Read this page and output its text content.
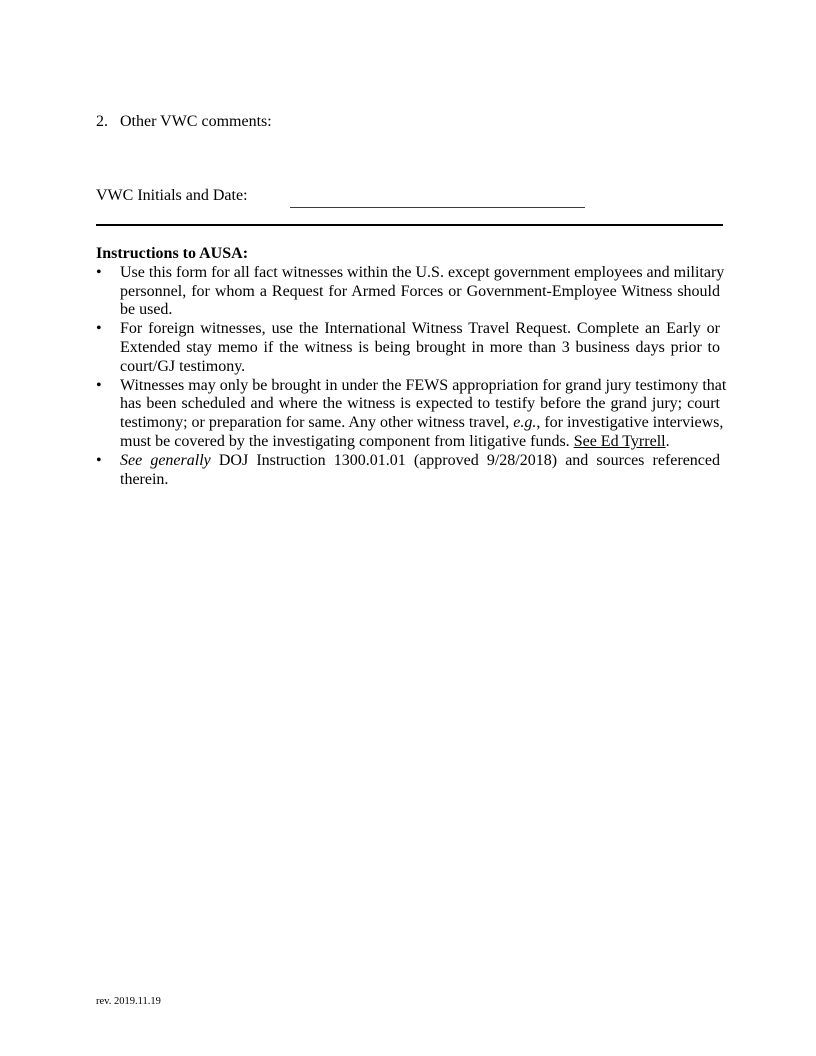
2. Other VWC comments:
VWC Initials and Date:
Instructions to AUSA:
• Use this form for all fact witnesses within the U.S. except government employees and military
personnel, for whom a Request for Armed Forces or Government-Employee Witness should
be used.
• For foreign witnesses, use the International Witness Travel Request. Complete an Early or
Extended stay memo if the witness is being brought in more than 3 business days prior to
court/GJ testimony.
• Witnesses may only be brought in under the FEWS appropriation for grand jury testimony that
has been scheduled and where the witness is expected to testify before the grand jury; court
testimony; or preparation for same. Any other witness travel, e.g., for investigative interviews,
must be covered by the investigating component from litigative funds. See Ed Tyrrell.
• See generally DOJ Instruction 1300.01.01 (approved 9/28/2018) and sources referenced
therein.
rev. 2019.11.19
